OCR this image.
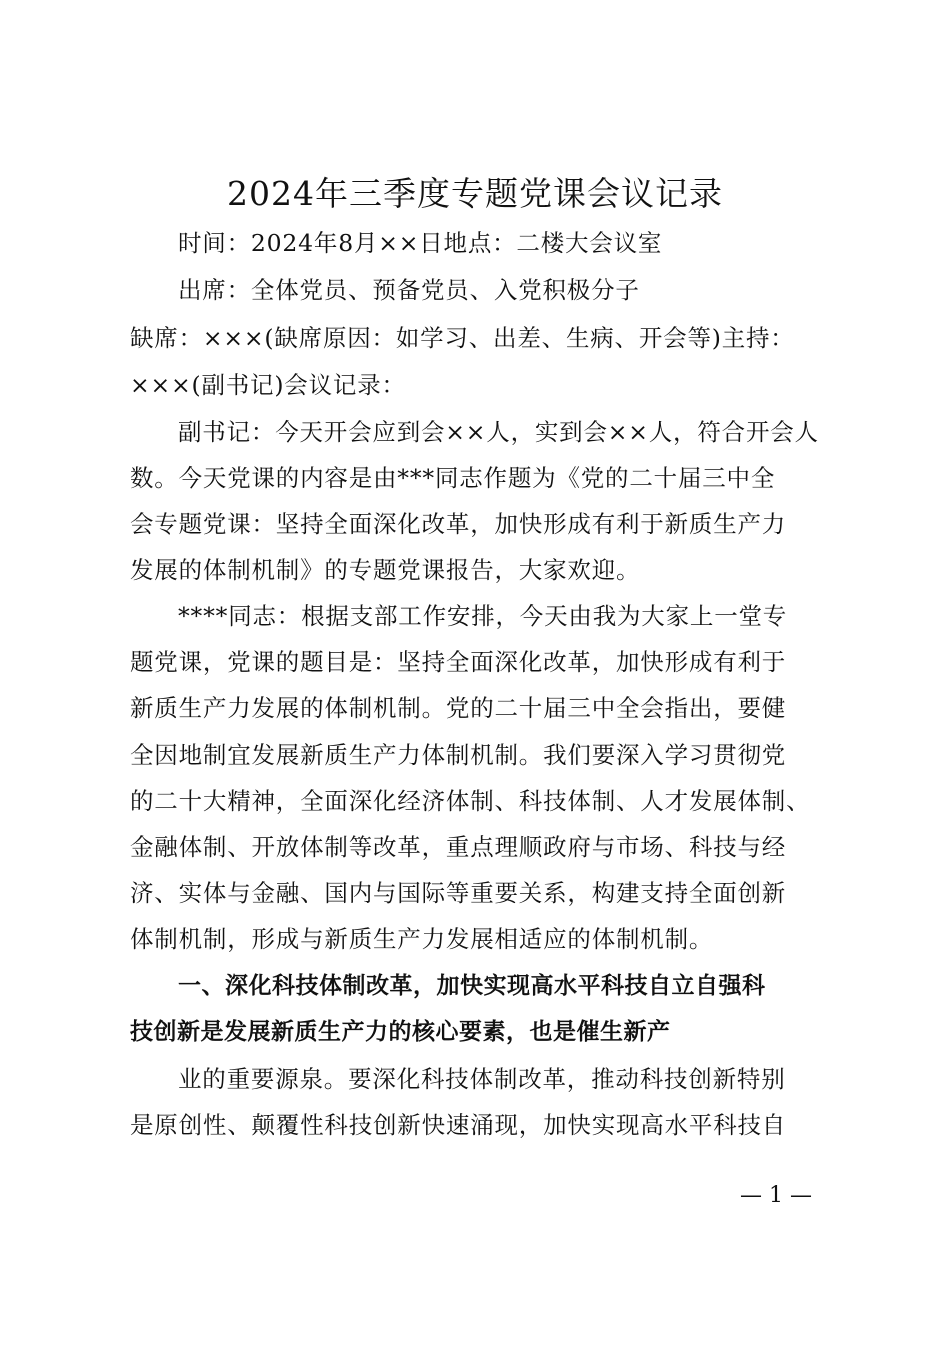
2024年三季度专题党课会议记录
时间：2024年8月××日地点：二楼大会议室
出席：全体党员、预备党员、入党积极分子
缺席：×××(缺席原因：如学习、出差、生病、开会等)主持：
×××(副书记)会议记录：
副书记：今天开会应到会××人，实到会××人，符合开会人
数。今天党课的内容是由***同志作题为《党的二十届三中全
会专题党课：坚持全面深化改革，加快形成有利于新质生产力
发展的体制机制》的专题党课报告，大家欢迎。
****同志：根据支部工作安排，今天由我为大家上一堂专
题党课，党课的题目是：坚持全面深化改革，加快形成有利于
新质生产力发展的体制机制。党的二十届三中全会指出，要健
全因地制宜发展新质生产力体制机制。我们要深入学习贯彻党
的二十大精神，全面深化经济体制、科技体制、人才发展体制、
金融体制、开放体制等改革，重点理顺政府与市场、科技与经
济、实体与金融、国内与国际等重要关系，构建支持全面创新
体制机制，形成与新质生产力发展相适应的体制机制。
一、深化科技体制改革，加快实现高水平科技自立自强科
技创新是发展新质生产力的核心要素，也是催生新产
业的重要源泉。要深化科技体制改革，推动科技创新特别
是原创性、颠覆性科技创新快速涌现，加快实现高水平科技自
— 1 —
